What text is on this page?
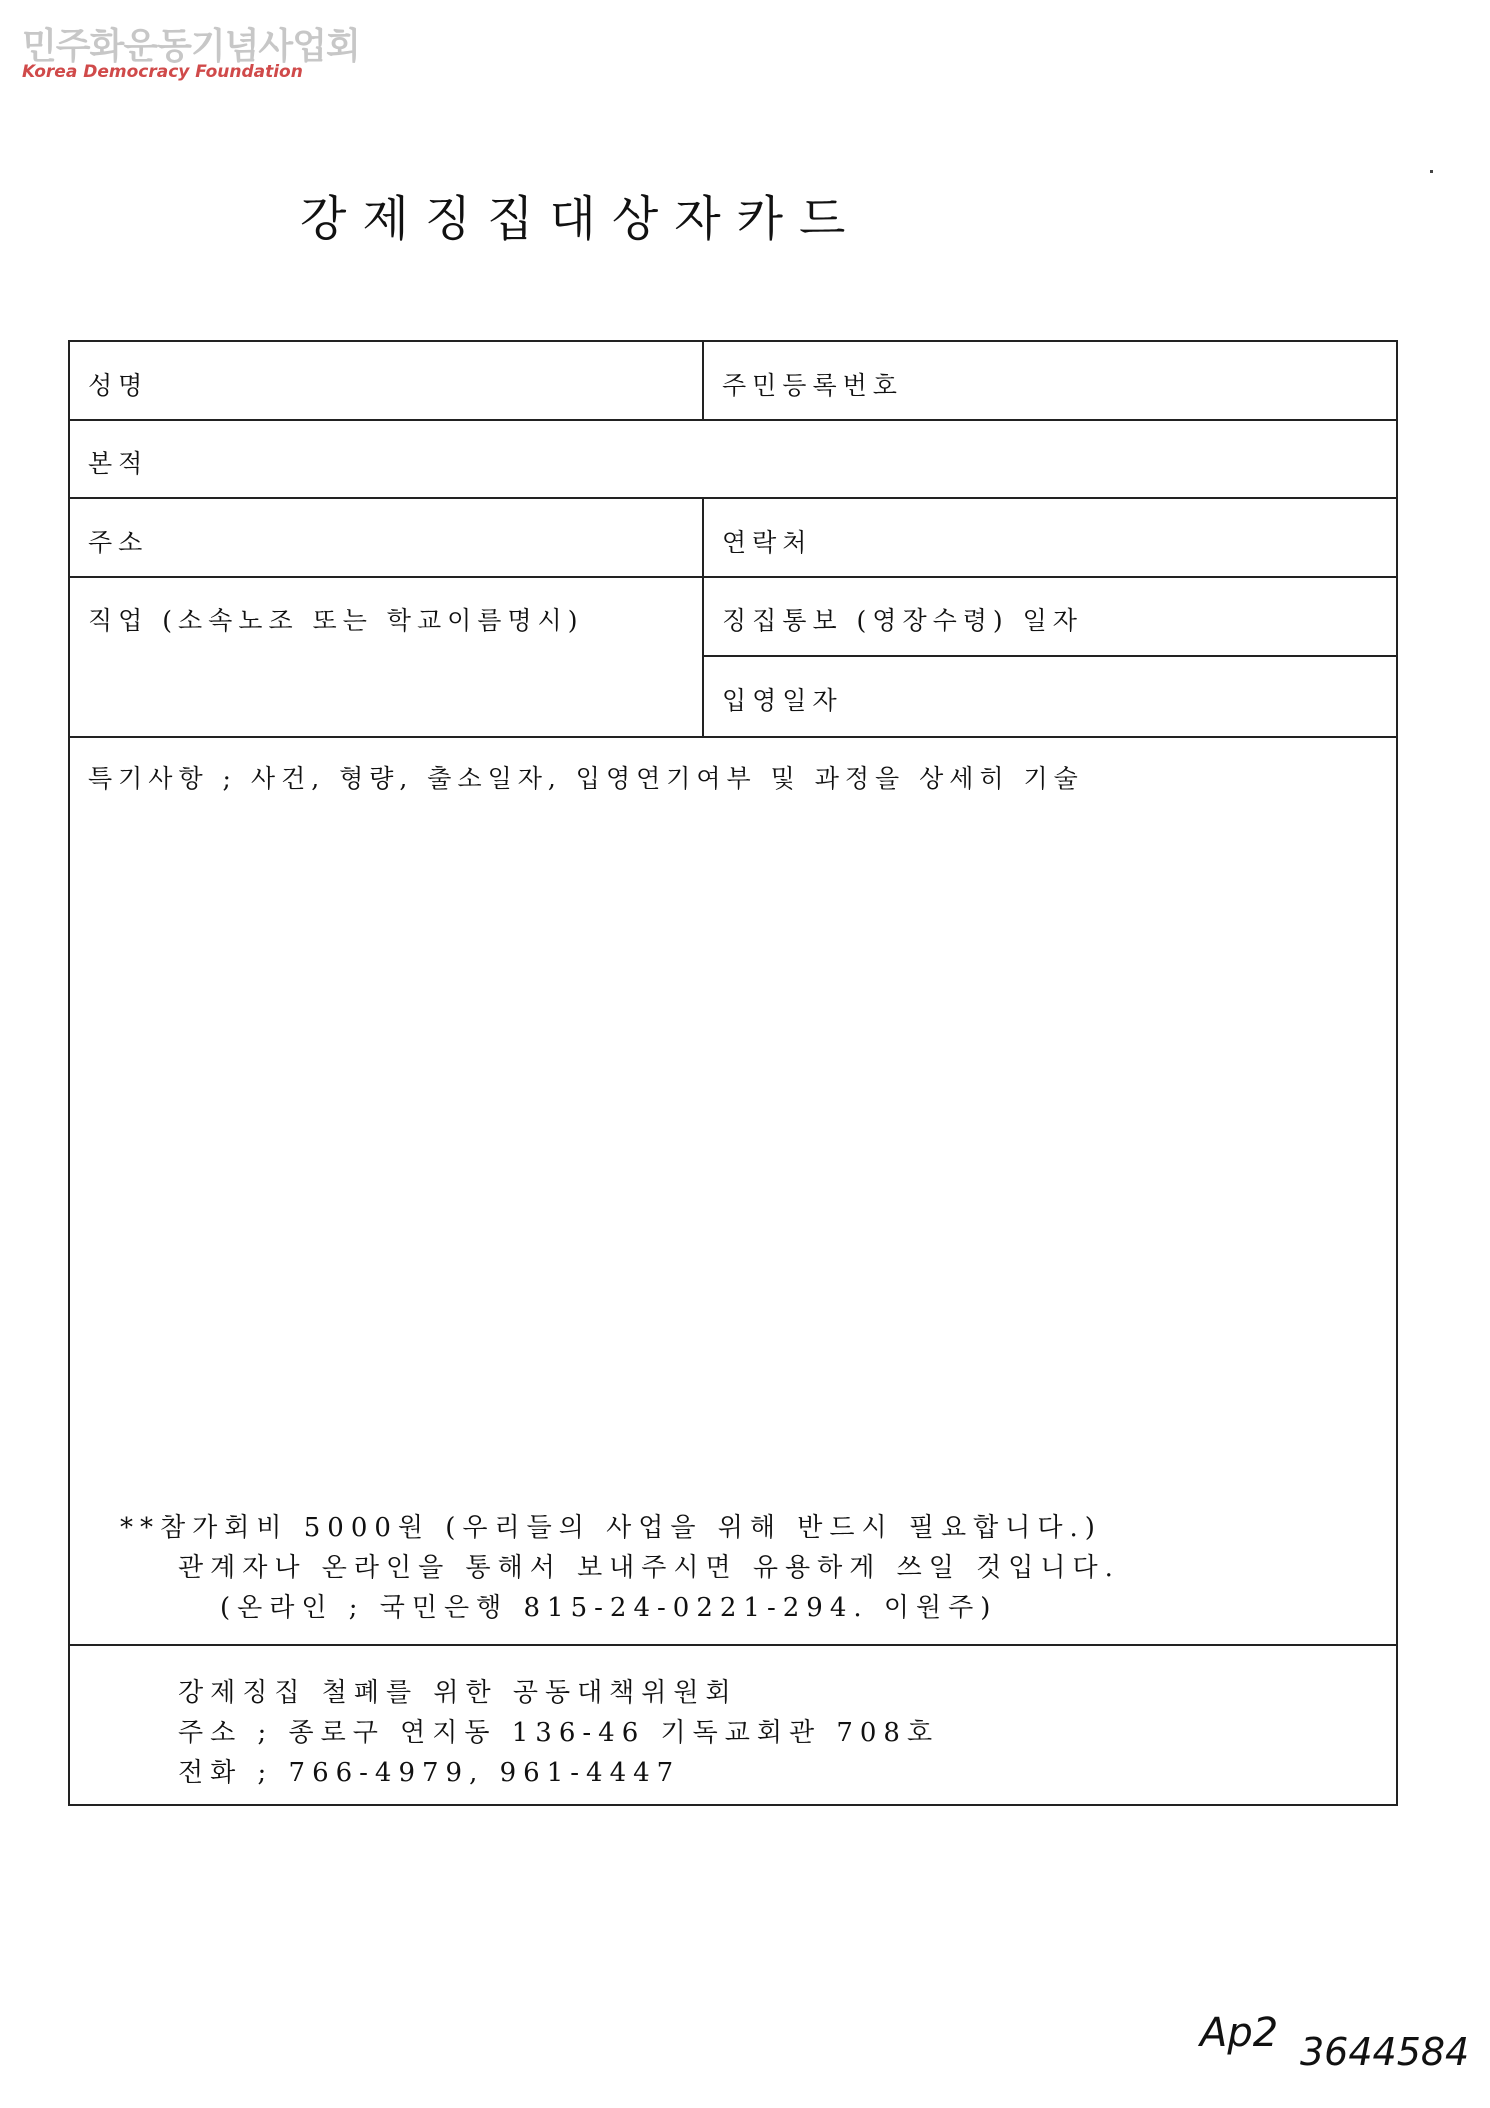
민주화운동기념사업회
Korea Democracy Foundation
강제징집대상자카드
성명	주민등록번호
본적
주소	연락처
직업 (소속노조 또는 학교이름명시)	징집통보 (영장수령) 일자
입영일자
특기사항 ; 사건, 형량, 출소일자, 입영연기여부 및 과정을 상세히 기술
**참가회비 5000원 (우리들의 사업을 위해 반드시 필요합니다.)
관계자나 온라인을 통해서 보내주시면 유용하게 쓰일 것입니다.
(온라인 ; 국민은행 815-24-0221-294. 이원주)
강제징집 철폐를 위한 공동대책위원회
주소 ; 종로구 연지동 136-46 기독교회관 708호
전화 ; 766-4979, 961-4447
Ap2 3644584
